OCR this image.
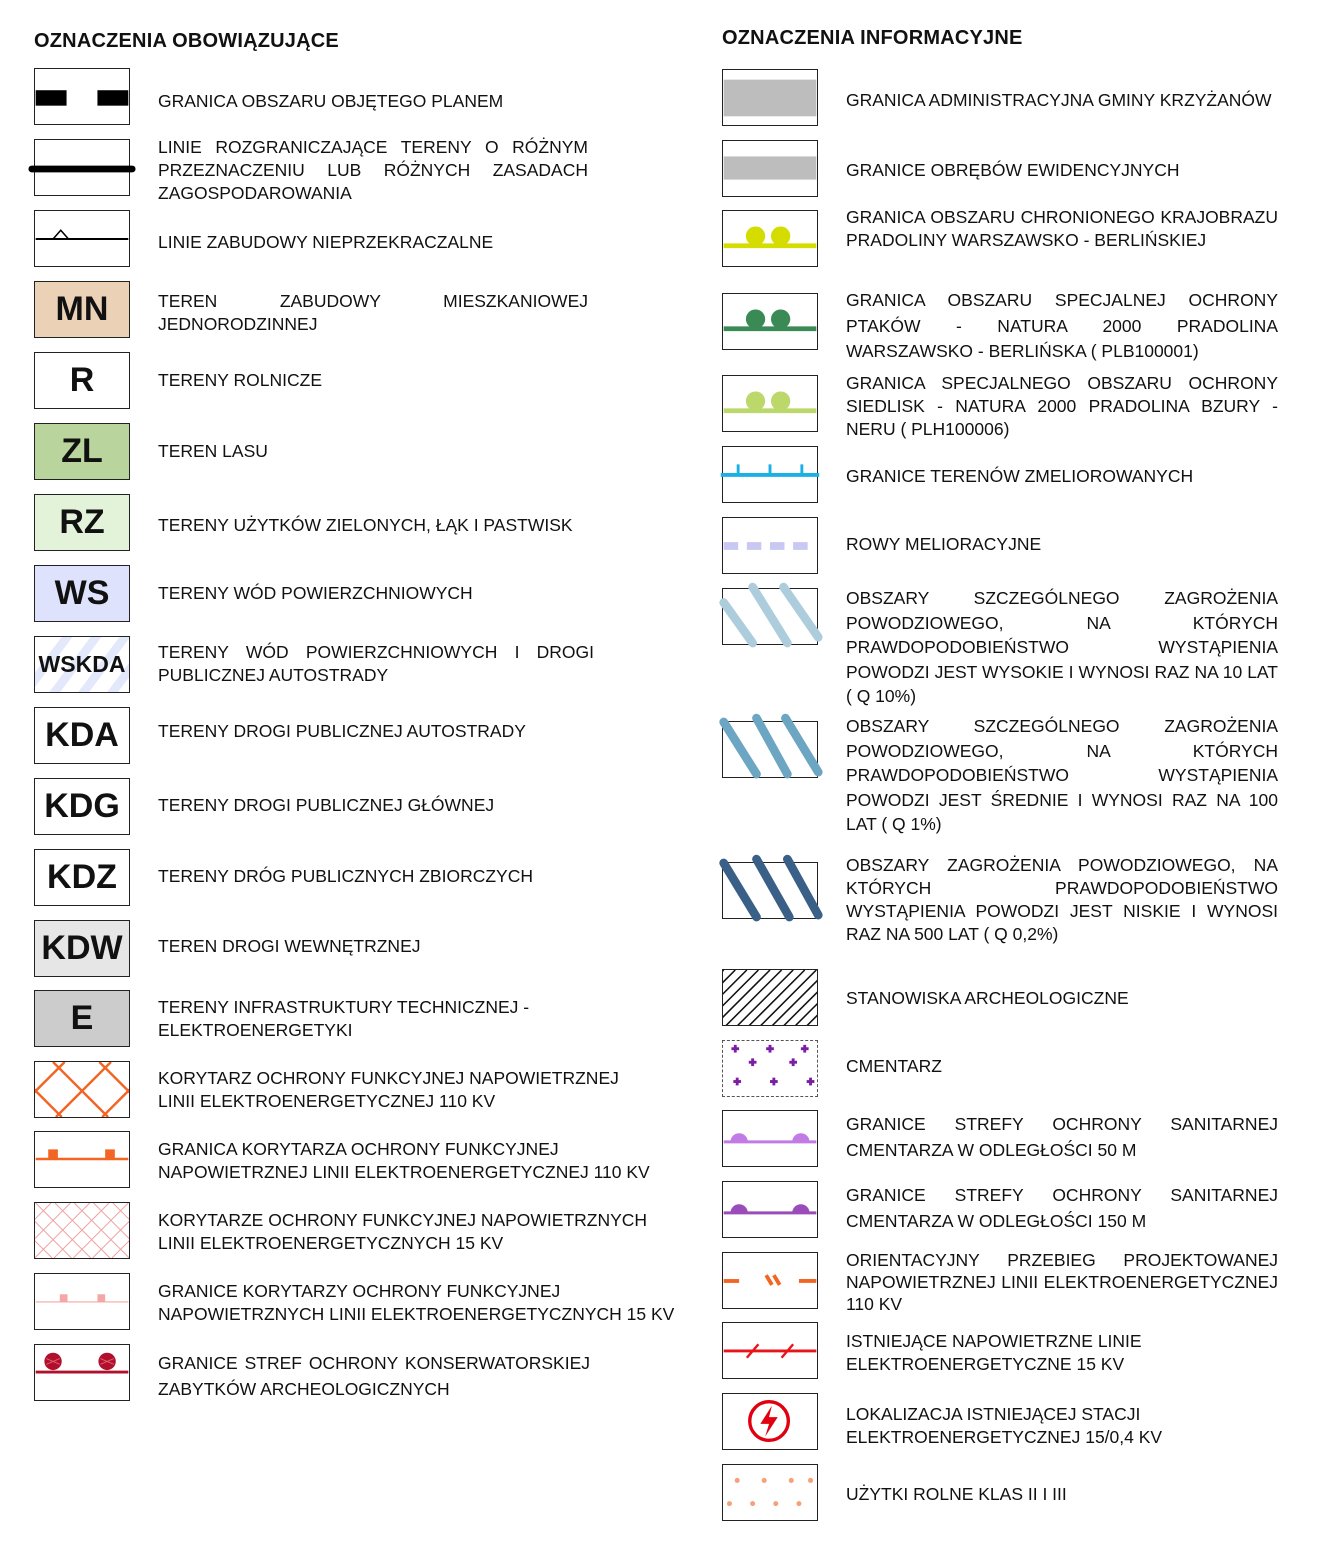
OZNACZENIA OBOWIĄZUJĄCE
GRANICA OBSZARU OBJĘTEGO PLANEM
LINIE ROZGRANICZAJĄCE TERENY O RÓŻNYM PRZEZNACZENIU LUB RÓŻNYCH ZASADACH ZAGOSPODAROWANIA
LINIE ZABUDOWY NIEPRZEKRACZALNE
MN	TEREN ZABUDOWY MIESZKANIOWEJ JEDNORODZINNEJ
R	TERENY ROLNICZE
ZL	TEREN LASU
RZ	TERENY UŻYTKÓW ZIELONYCH, ŁĄK I PASTWISK
WS	TERENY WÓD POWIERZCHNIOWYCH
WSKDA TERENY WÓD POWIERZCHNIOWYCH I DROGI PUBLICZNEJ AUTOSTRADY
KDA	TERENY DROGI PUBLICZNEJ AUTOSTRADY
KDG	TERENY DROGI PUBLICZNEJ GŁÓWNEJ
KDZ	TERENY DRÓG PUBLICZNYCH ZBIORCZYCH
KDW	TEREN DROGI WEWNĘTRZNEJ
E	TERENY INFRASTRUKTURY TECHNICZNEJ - ELEKTROENERGETYKI
KORYTARZ OCHRONY FUNKCYJNEJ NAPOWIETRZNEJ LINII ELEKTROENERGETYCZNEJ 110 KV
GRANICA KORYTARZA OCHRONY FUNKCYJNEJ NAPOWIETRZNEJ LINII ELEKTROENERGETYCZNEJ 110 KV
KORYTARZE OCHRONY FUNKCYJNEJ NAPOWIETRZNYCH LINII ELEKTROENERGETYCZNYCH 15 KV
GRANICE KORYTARZY OCHRONY FUNKCYJNEJ NAPOWIETRZNYCH LINII ELEKTROENERGETYCZNYCH 15 KV
GRANICE STREF OCHRONY KONSERWATORSKIEJ ZABYTKÓW ARCHEOLOGICZNYCH
OZNACZENIA INFORMACYJNE
GRANICA ADMINISTRACYJNA GMINY KRZYŻANÓW
GRANICE OBRĘBÓW EWIDENCYJNYCH
GRANICA OBSZARU CHRONIONEGO KRAJOBRAZU PRADOLINY WARSZAWSKO - BERLIŃSKIEJ
GRANICA OBSZARU SPECJALNEJ OCHRONY PTAKÓW - NATURA 2000 PRADOLINA WARSZAWSKO - BERLIŃSKA ( PLB100001)
GRANICA SPECJALNEGO OBSZARU OCHRONY SIEDLISK - NATURA 2000 PRADOLINA BZURY - NERU ( PLH100006)
GRANICE TERENÓW ZMELIOROWANYCH
ROWY MELIORACYJNE
OBSZARY SZCZEGÓLNEGO ZAGROŻENIA POWODZIOWEGO, NA KTÓRYCH PRAWDOPODOBIEŃSTWO WYSTĄPIENIA POWODZI JEST WYSOKIE I WYNOSI RAZ NA 10 LAT ( Q 10%)
OBSZARY SZCZEGÓLNEGO ZAGROŻENIA POWODZIOWEGO, NA KTÓRYCH PRAWDOPODOBIEŃSTWO WYSTĄPIENIA POWODZI JEST ŚREDNIE I WYNOSI RAZ NA 100 LAT ( Q 1%)
OBSZARY ZAGROŻENIA POWODZIOWEGO, NA KTÓRYCH PRAWDOPODOBIEŃSTWO WYSTĄPIENIA POWODZI JEST NISKIE I WYNOSI RAZ NA 500 LAT ( Q 0,2%)
STANOWISKA ARCHEOLOGICZNE
CMENTARZ
GRANICE STREFY OCHRONY SANITARNEJ CMENTARZA W ODLEGŁOŚCI 50 M
GRANICE STREFY OCHRONY SANITARNEJ CMENTARZA W ODLEGŁOŚCI 150 M
ORIENTACYJNY PRZEBIEG PROJEKTOWANEJ NAPOWIETRZNEJ LINII ELEKTROENERGETYCZNEJ 110 KV
ISTNIEJĄCE NAPOWIETRZNE LINIE ELEKTROENERGETYCZNE 15 KV
LOKALIZACJA ISTNIEJĄCEJ STACJI ELEKTROENERGETYCZNEJ 15/0,4 KV
UŻYTKI ROLNE KLAS II I III
